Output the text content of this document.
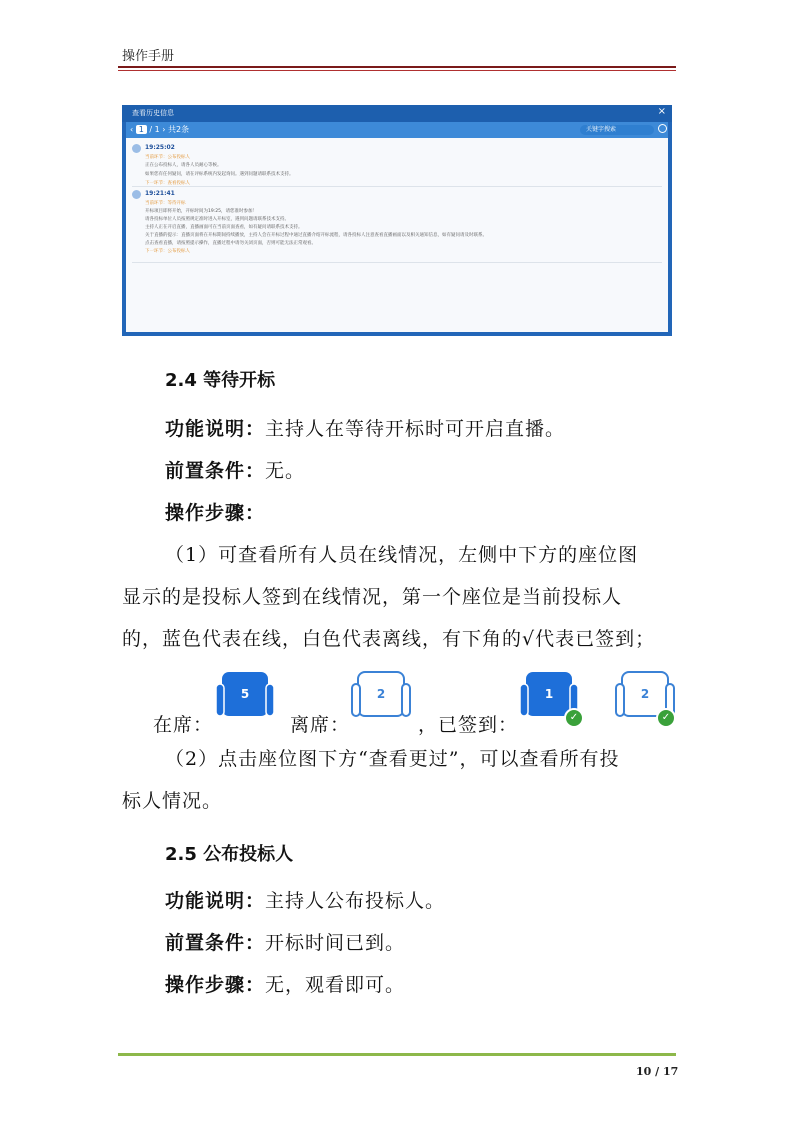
操作手册
查看历史信息	×
‹ 1 / 1 › 共2条	关键字搜索
19:25:02
当前环节：公布投标人
正在公布投标人，请各人员耐心等候。
如果您有任何疑问，请在评标系统内发起询问。遇到问题请联系技术支持。
下一环节：查看投标人
19:21:41
当前环节：等待开标
开标项目即将开始，开标时间为19:25，请您准时参加！
请各投标单位人员按照规定准时进入开标室，遇到问题请联系技术支持。
主持人正在开启直播，直播画面可在当前页面查看，如有疑问请联系技术支持。
关于直播的提示：直播页面将在开标期间持续播放，主持人会在开标过程中通过直播介绍开标流程，请各投标人注意查看直播画面以及相关通知信息，如有疑问请及时联系。
点击查看直播，请按照提示操作，直播过程中请勿关闭页面，否则可能无法正常观看。
下一环节：公布投标人
2.4 等待开标
功能说明：主持人在等待开标时可开启直播。
前置条件：无。
操作步骤：
（1）可查看所有人员在线情况，左侧中下方的座位图
显示的是投标人签到在线情况，第一个座位是当前投标人
的，蓝色代表在线，白色代表离线，有下角的√代表已签到；
在席：
5
离席：
2
，已签到：
1
✓
2
✓
（2）点击座位图下方“查看更过”，可以查看所有投
标人情况。
2.5 公布投标人
功能说明：主持人公布投标人。
前置条件：开标时间已到。
操作步骤：无，观看即可。
10 / 17
